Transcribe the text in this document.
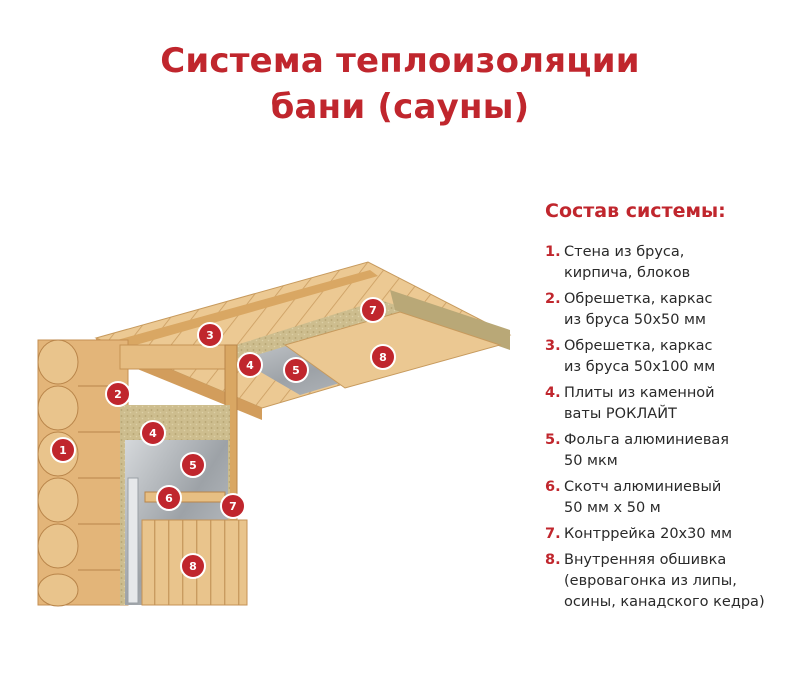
Система теплоизоляции
бани (сауны)
1
2
3
4
5
6
7
8
4	5
7
8
Состав системы:
1. Стена из бруса,
кирпича, блоков
2. Обрешетка, каркас
из бруса 50х50 мм
3. Обрешетка, каркас
из бруса 50х100 мм
4. Плиты из каменной
ваты РОКЛАЙТ
5. Фольга алюминиевая
50 мкм
6. Скотч алюминиевый
50 мм х 50 м
7. Контррейка 20х30 мм
8. Внутренняя обшивка
(евровагонка из липы,
осины, канадского кедра)
